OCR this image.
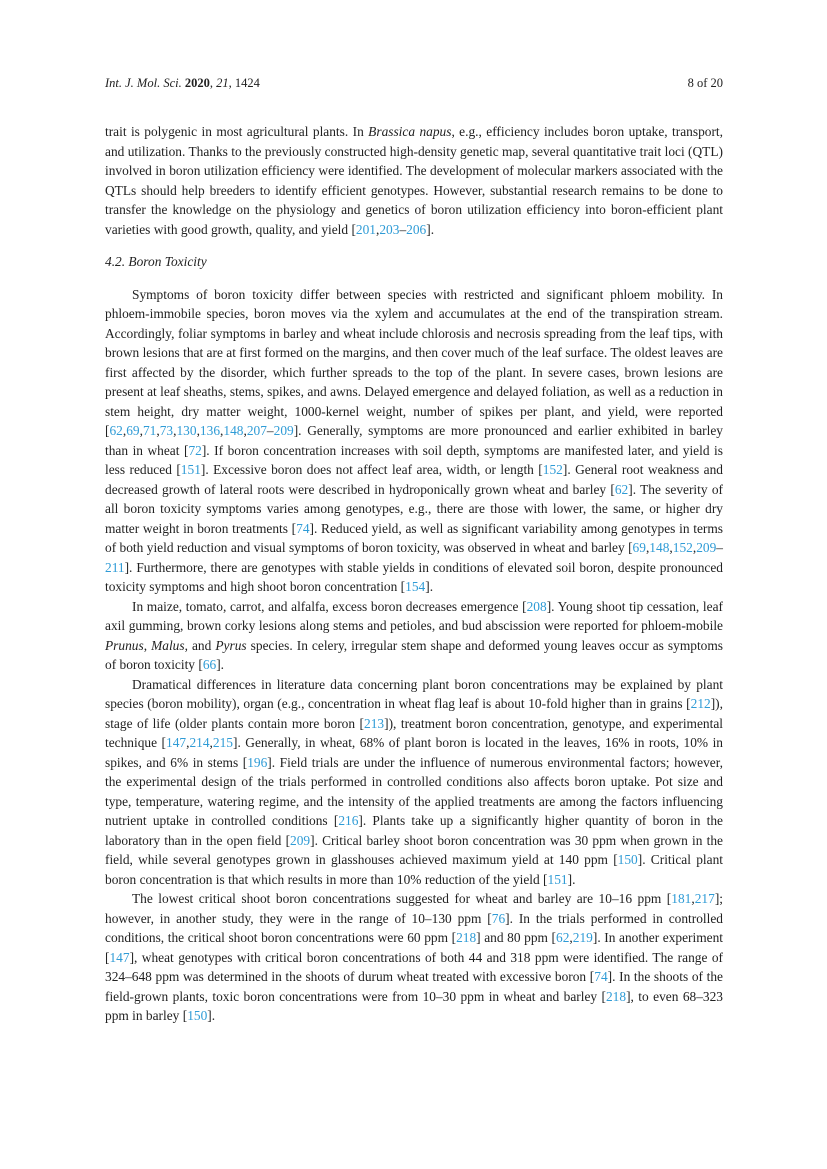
Int. J. Mol. Sci. 2020, 21, 1424	8 of 20

trait is polygenic in most agricultural plants. In Brassica napus, e.g., efficiency includes boron uptake, transport, and utilization. Thanks to the previously constructed high-density genetic map, several quantitative trait loci (QTL) involved in boron utilization efficiency were identified. The development of molecular markers associated with the QTLs should help breeders to identify efficient genotypes. However, substantial research remains to be done to transfer the knowledge on the physiology and genetics of boron utilization efficiency into boron-efficient plant varieties with good growth, quality, and yield [201,203–206].

4.2. Boron Toxicity

Symptoms of boron toxicity differ between species with restricted and significant phloem mobility. In phloem-immobile species, boron moves via the xylem and accumulates at the end of the transpiration stream. Accordingly, foliar symptoms in barley and wheat include chlorosis and necrosis spreading from the leaf tips, with brown lesions that are at first formed on the margins, and then cover much of the leaf surface. The oldest leaves are first affected by the disorder, which further spreads to the top of the plant. In severe cases, brown lesions are present at leaf sheaths, stems, spikes, and awns. Delayed emergence and delayed foliation, as well as a reduction in stem height, dry matter weight, 1000-kernel weight, number of spikes per plant, and yield, were reported [62,69,71,73,130,136,148,207–209]. Generally, symptoms are more pronounced and earlier exhibited in barley than in wheat [72]. If boron concentration increases with soil depth, symptoms are manifested later, and yield is less reduced [151]. Excessive boron does not affect leaf area, width, or length [152]. General root weakness and decreased growth of lateral roots were described in hydroponically grown wheat and barley [62]. The severity of all boron toxicity symptoms varies among genotypes, e.g., there are those with lower, the same, or higher dry matter weight in boron treatments [74]. Reduced yield, as well as significant variability among genotypes in terms of both yield reduction and visual symptoms of boron toxicity, was observed in wheat and barley [69,148,152,209–211]. Furthermore, there are genotypes with stable yields in conditions of elevated soil boron, despite pronounced toxicity symptoms and high shoot boron concentration [154].

In maize, tomato, carrot, and alfalfa, excess boron decreases emergence [208]. Young shoot tip cessation, leaf axil gumming, brown corky lesions along stems and petioles, and bud abscission were reported for phloem-mobile Prunus, Malus, and Pyrus species. In celery, irregular stem shape and deformed young leaves occur as symptoms of boron toxicity [66].

Dramatical differences in literature data concerning plant boron concentrations may be explained by plant species (boron mobility), organ (e.g., concentration in wheat flag leaf is about 10-fold higher than in grains [212]), stage of life (older plants contain more boron [213]), treatment boron concentration, genotype, and experimental technique [147,214,215]. Generally, in wheat, 68% of plant boron is located in the leaves, 16% in roots, 10% in spikes, and 6% in stems [196]. Field trials are under the influence of numerous environmental factors; however, the experimental design of the trials performed in controlled conditions also affects boron uptake. Pot size and type, temperature, watering regime, and the intensity of the applied treatments are among the factors influencing nutrient uptake in controlled conditions [216]. Plants take up a significantly higher quantity of boron in the laboratory than in the open field [209]. Critical barley shoot boron concentration was 30 ppm when grown in the field, while several genotypes grown in glasshouses achieved maximum yield at 140 ppm [150]. Critical plant boron concentration is that which results in more than 10% reduction of the yield [151].

The lowest critical shoot boron concentrations suggested for wheat and barley are 10–16 ppm [181,217]; however, in another study, they were in the range of 10–130 ppm [76]. In the trials performed in controlled conditions, the critical shoot boron concentrations were 60 ppm [218] and 80 ppm [62,219]. In another experiment [147], wheat genotypes with critical boron concentrations of both 44 and 318 ppm were identified. The range of 324–648 ppm was determined in the shoots of durum wheat treated with excessive boron [74]. In the shoots of the field-grown plants, toxic boron concentrations were from 10–30 ppm in wheat and barley [218], to even 68–323 ppm in barley [150].
